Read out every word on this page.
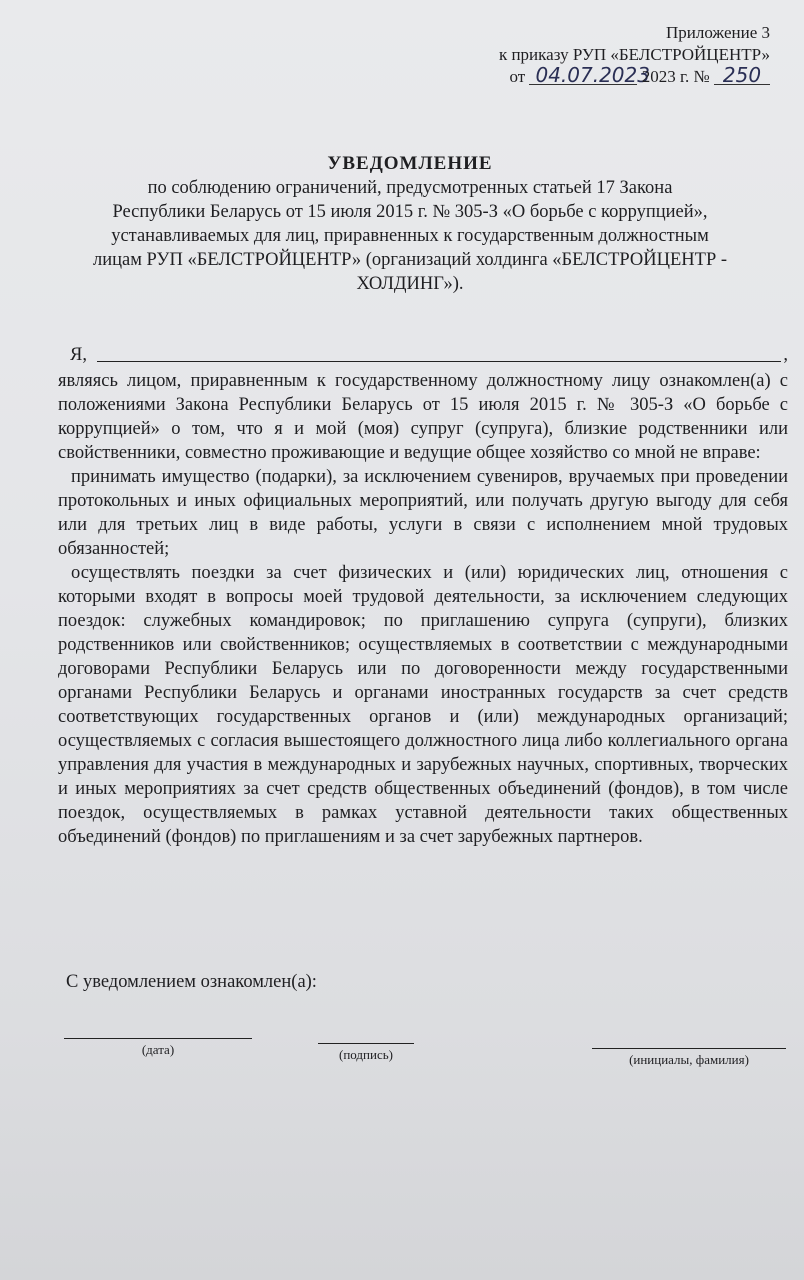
Приложение 3
к приказу РУП «БЕЛСТРОЙЦЕНТР»
от 04.07.2023 2023 г. № 250
УВЕДОМЛЕНИЕ
по соблюдению ограничений, предусмотренных статьей 17 Закона
Республики Беларусь от 15 июля 2015 г. № 305-З «О борьбе с коррупцией»,
устанавливаемых для лиц, приравненных к государственным должностным
лицам РУП «БЕЛСТРОЙЦЕНТР» (организаций холдинга «БЕЛСТРОЙЦЕНТР -
ХОЛДИНГ»).
Я,	,

являясь лицом, приравненным к государственному должностному лицу ознакомлен(а) с положениями Закона Республики Беларусь от 15 июля 2015 г. № 305-З «О борьбе с коррупцией» о том, что я и мой (моя) супруг (супруга), близкие родственники или свойственники, совместно проживающие и ведущие общее хозяйство со мной не вправе:

принимать имущество (подарки), за исключением сувениров, вручаемых при проведении протокольных и иных официальных мероприятий, или получать другую выгоду для себя или для третьих лиц в виде работы, услуги в связи с исполнением мной трудовых обязанностей;

осуществлять поездки за счет физических и (или) юридических лиц, отношения с которыми входят в вопросы моей трудовой деятельности, за исключением следующих поездок: служебных командировок; по приглашению супруга (супруги), близких родственников или свойственников; осуществляемых в соответствии с международными договорами Республики Беларусь или по договоренности между государственными органами Республики Беларусь и органами иностранных государств за счет средств соответствующих государственных органов и (или) международных организаций; осуществляемых с согласия вышестоящего должностного лица либо коллегиального органа управления для участия в международных и зарубежных научных, спортивных, творческих и иных мероприятиях за счет средств общественных объединений (фондов), в том числе поездок, осуществляемых в рамках уставной деятельности таких общественных объединений (фондов) по приглашениям и за счет зарубежных партнеров.

С уведомлением ознакомлен(а):
(дата)	(подпись)	(инициалы, фамилия)
